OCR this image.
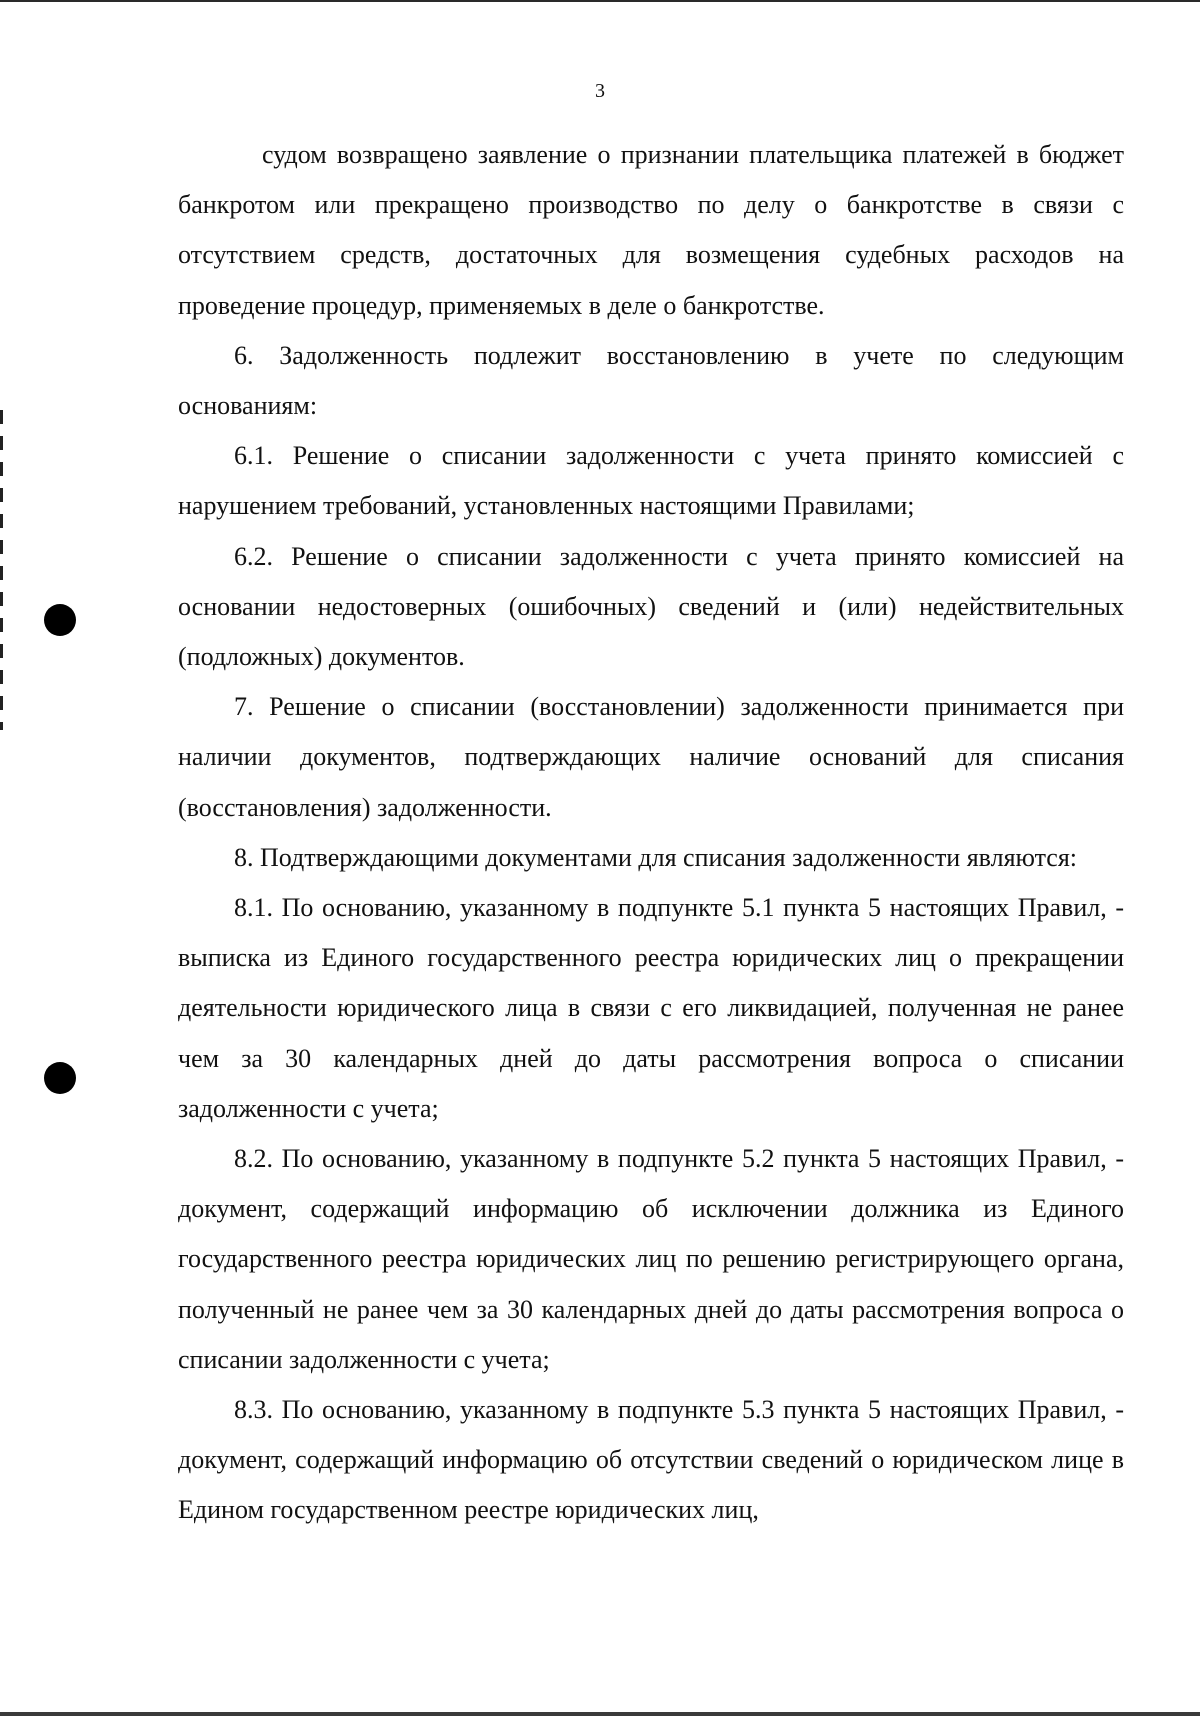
3

судом возвращено заявление о признании плательщика платежей в бюджет банкротом или прекращено производство по делу о банкротстве в связи с отсутствием средств, достаточных для возмещения судебных расходов на проведение процедур, применяемых в деле о банкротстве.

6. Задолженность подлежит восстановлению в учете по следующим основаниям:

6.1. Решение о списании задолженности с учета принято комиссией с нарушением требований, установленных настоящими Правилами;

6.2. Решение о списании задолженности с учета принято комиссией на основании недостоверных (ошибочных) сведений и (или) недействительных (подложных) документов.

7. Решение о списании (восстановлении) задолженности принимается при наличии документов, подтверждающих наличие оснований для списания (восстановления) задолженности.

8. Подтверждающими документами для списания задолженности являются:

8.1. По основанию, указанному в подпункте 5.1 пункта 5 настоящих Правил, - выписка из Единого государственного реестра юридических лиц о прекращении деятельности юридического лица в связи с его ликвидацией, полученная не ранее чем за 30 календарных дней до даты рассмотрения вопроса о списании задолженности с учета;

8.2. По основанию, указанному в подпункте 5.2 пункта 5 настоящих Правил, - документ, содержащий информацию об исключении должника из Единого государственного реестра юридических лиц по решению регистрирующего органа, полученный не ранее чем за 30 календарных дней до даты рассмотрения вопроса о списании задолженности с учета;

8.3. По основанию, указанному в подпункте 5.3 пункта 5 настоящих Правил, - документ, содержащий информацию об отсутствии сведений о юридическом лице в Едином государственном реестре юридических лиц,
